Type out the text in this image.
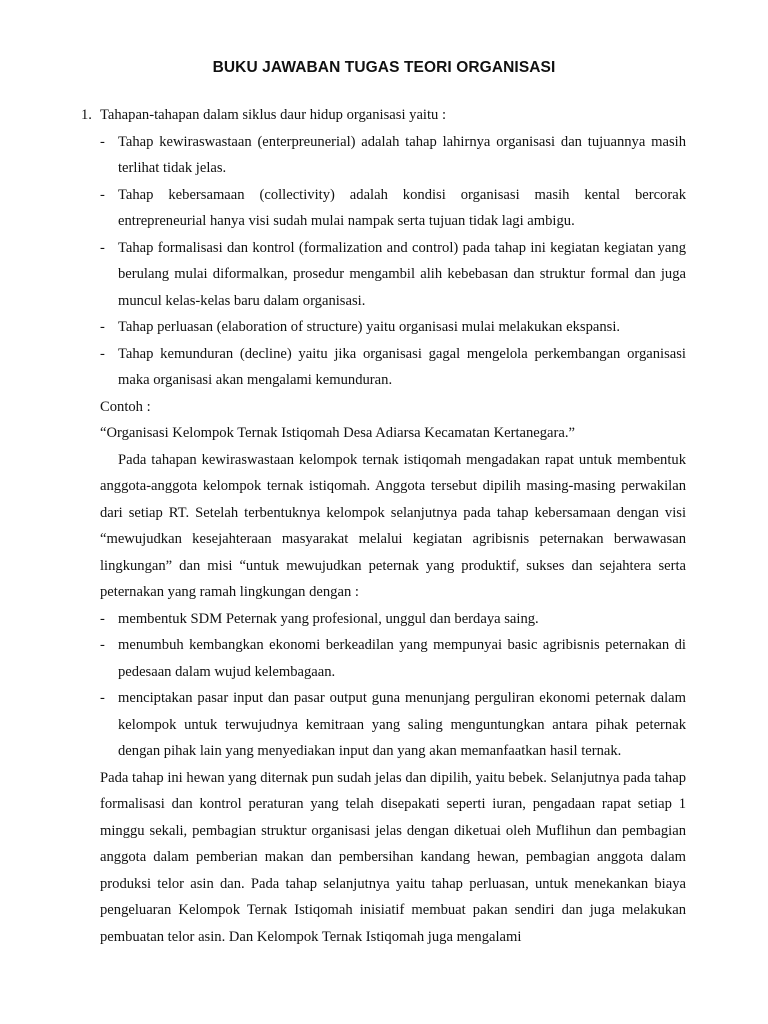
BUKU JAWABAN TUGAS TEORI ORGANISASI
1. Tahapan-tahapan dalam siklus daur hidup organisasi yaitu :

- Tahap kewiraswastaan (enterpreunerial) adalah tahap lahirnya organisasi dan tujuannya masih terlihat tidak jelas.

- Tahap kebersamaan (collectivity) adalah kondisi organisasi masih kental bercorak entrepreneurial hanya visi sudah mulai nampak serta tujuan tidak lagi ambigu.

- Tahap formalisasi dan kontrol (formalization and control) pada tahap ini kegiatan kegiatan yang berulang mulai diformalkan, prosedur mengambil alih kebebasan dan struktur formal dan juga muncul kelas-kelas baru dalam organisasi.

- Tahap perluasan (elaboration of structure) yaitu organisasi mulai melakukan ekspansi.

- Tahap kemunduran (decline) yaitu jika organisasi gagal mengelola perkembangan organisasi maka organisasi akan mengalami kemunduran.

Contoh :

“Organisasi Kelompok Ternak Istiqomah Desa Adiarsa Kecamatan Kertanegara.”

Pada tahapan kewiraswastaan kelompok ternak istiqomah mengadakan rapat untuk membentuk anggota-anggota kelompok ternak istiqomah. Anggota tersebut dipilih masing-masing perwakilan dari setiap RT. Setelah terbentuknya kelompok selanjutnya pada tahap kebersamaan dengan visi “mewujudkan kesejahteraan masyarakat melalui kegiatan agribisnis peternakan berwawasan lingkungan” dan misi “untuk mewujudkan peternak yang produktif, sukses dan sejahtera serta peternakan yang ramah lingkungan dengan :

- membentuk SDM Peternak yang profesional, unggul dan berdaya saing.

- menumbuh kembangkan ekonomi berkeadilan yang mempunyai basic agribisnis peternakan di pedesaan dalam wujud kelembagaan.

- menciptakan pasar input dan pasar output guna menunjang perguliran ekonomi peternak dalam kelompok untuk terwujudnya kemitraan yang saling menguntungkan antara pihak peternak dengan pihak lain yang menyediakan input dan yang akan memanfaatkan hasil ternak.

Pada tahap ini hewan yang diternak pun sudah jelas dan dipilih, yaitu bebek. Selanjutnya pada tahap formalisasi dan kontrol peraturan yang telah disepakati seperti iuran, pengadaan rapat setiap 1 minggu sekali, pembagian struktur organisasi jelas dengan diketuai oleh Muflihun dan pembagian anggota dalam pemberian makan dan pembersihan kandang hewan, pembagian anggota dalam produksi telor asin dan. Pada tahap selanjutnya yaitu tahap perluasan, untuk menekankan biaya pengeluaran Kelompok Ternak Istiqomah inisiatif membuat pakan sendiri dan juga melakukan pembuatan telor asin. Dan Kelompok Ternak Istiqomah juga mengalami
